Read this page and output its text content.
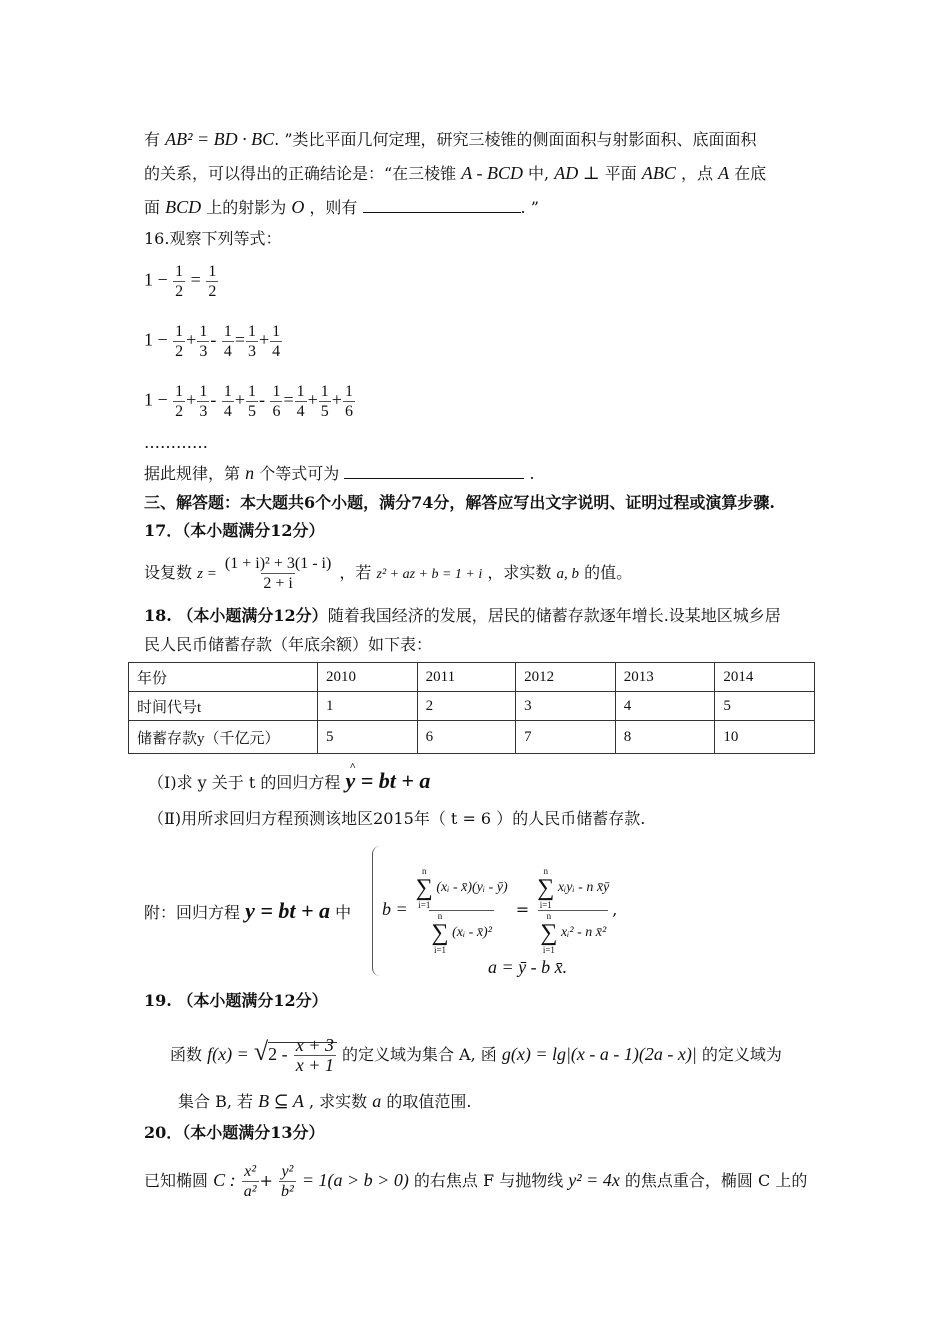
有 AB² = BD · BC. ”类比平面几何定理，研究三棱锥的侧面面积与射影面积、底面面积
的关系，可以得出的正确结论是：“在三棱锥 A - BCD 中, AD ⊥ 平面 ABC ，点 A 在底
面 BCD 上的射影为 O ，则有	. ”
16.观察下列等式：
$1 - \frac{1}{2} = \frac{1}{2}$
$1 - \frac{1}{2} + \frac{1}{3} - \frac{1}{4} = \frac{1}{3} + \frac{1}{4}$
$1 - \frac{1}{2} + \frac{1}{3} - \frac{1}{4} + \frac{1}{5} - \frac{1}{6} = \frac{1}{4} + \frac{1}{5} + \frac{1}{6}$
…………
据此规律，第 n 个等式可为	.
三、解答题：本大题共6个小题，满分74分，解答应写出文字说明、证明过程或演算步骤.
17．（本小题满分12分）
设复数 $z = \frac{\text{(1 + i)² + 3(1 - i)}}{2 + i}$ ，若 z² + az + b = 1 + i ，求实数 a, b 的值。
18. （本小题满分12分）随着我国经济的发展，居民的储蓄存款逐年增长.设某地区城乡居
民人民币储蓄存款（年底余额）如下表：
年份	2010	2011	2012	2013	2014
时间代号t	1	2	3	4	5
储蓄存款y（千亿元）	5	6	7	8	10
（Ⅰ)求 y 关于 t 的回归方程 ^ y = bt + a
（Ⅱ)用所求回归方程预测该地区2015年（ t = 6 ）的人民币储蓄存款.
附：回归方程 y = bt + a 中 b = n
∑
i=1
(xᵢ - x̄)(yᵢ - ȳ)
n
∑
i=1
(xᵢ - x̄)² = n
∑
i=1
xᵢyᵢ - n x̄ȳ
n
∑
i=1
xᵢ² - n x̄² ,
a = ȳ - b x̄.
19. （本小题满分12分）
函数 $f(x) = √2 - \frac{x + 3}{x + 1}$ 的定义域为集合 A, 函 g(x) = lg|(x - a - 1)(2a - x)| 的定义域为
集合 B, 若 B ⊆ A , 求实数 a 的取值范围.
20．（本小题满分13分）
已知椭圆 C : $\frac{\text{x²}}{\text{a²}} + \frac{\text{y²}}{\text{b²}} = 1(a > b > 0)$ 的右焦点 F 与抛物线 y² = 4x 的焦点重合，椭圆 C 上的
